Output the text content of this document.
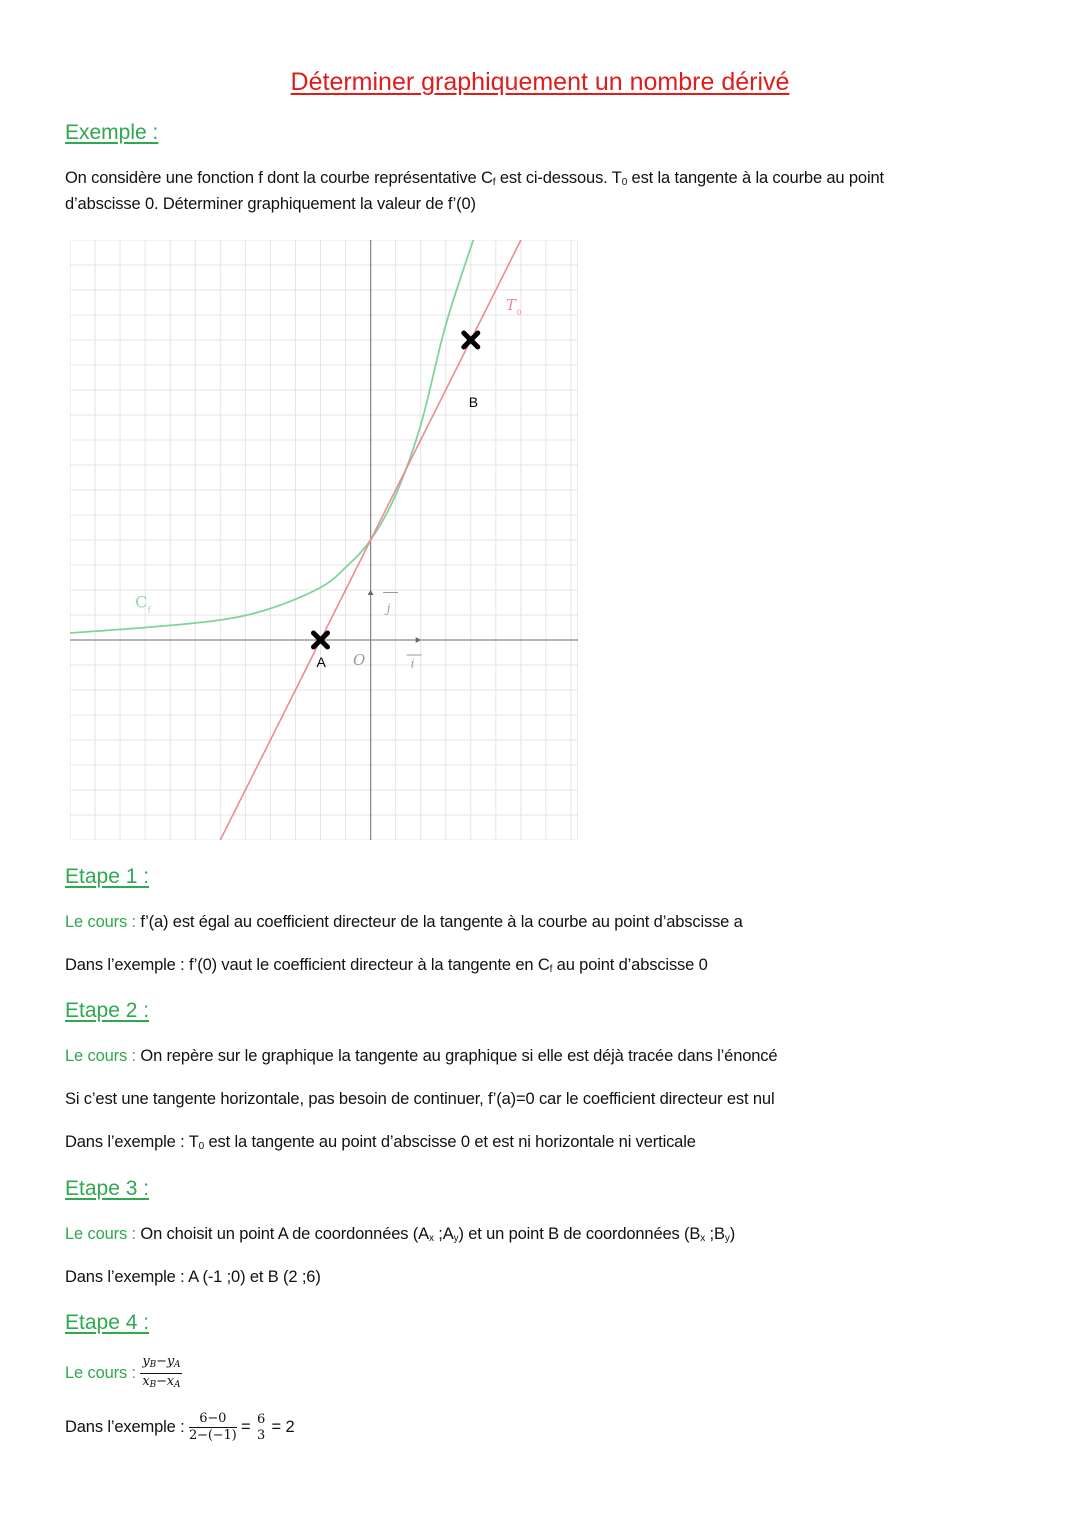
Déterminer graphiquement un nombre dérivé
Exemple :
On considère une fonction f dont la courbe représentative $C_f$ est ci-dessous. $T_0$ est la tangente à la courbe au point
d’abscisse 0. Déterminer graphiquement la valeur de f’(0)
O	i
j
C f
T 0
A
B
Etape 1 :
Le cours : f’(a) est égal au coefficient directeur de la tangente à la courbe au point d’abscisse a
Dans l’exemple : f’(0) vaut le coefficient directeur à la tangente en $C_f$ au point d’abscisse 0
Etape 2 :
Le cours : On repère sur le graphique la tangente au graphique si elle est déjà tracée dans l’énoncé
Si c’est une tangente horizontale, pas besoin de continuer, f’(a)=0 car le coefficient directeur est nul
Dans l’exemple : $T_0$ est la tangente au point d’abscisse 0 et est ni horizontale ni verticale
Etape 3 :
Le cours : On choisit un point A de coordonnées ($A_x$ $;A_y$) et un point B de coordonnées ($B_x$ $;B_y$)
Dans l’exemple : A (-1 ;0) et B (2 ;6)
Etape 4 :
Le cours : $\frac{y_B-y_A}{x_B-x_A}$
Dans l’exemple : $\frac{6-0}{2-(-1)} = 6$
3 = 2
